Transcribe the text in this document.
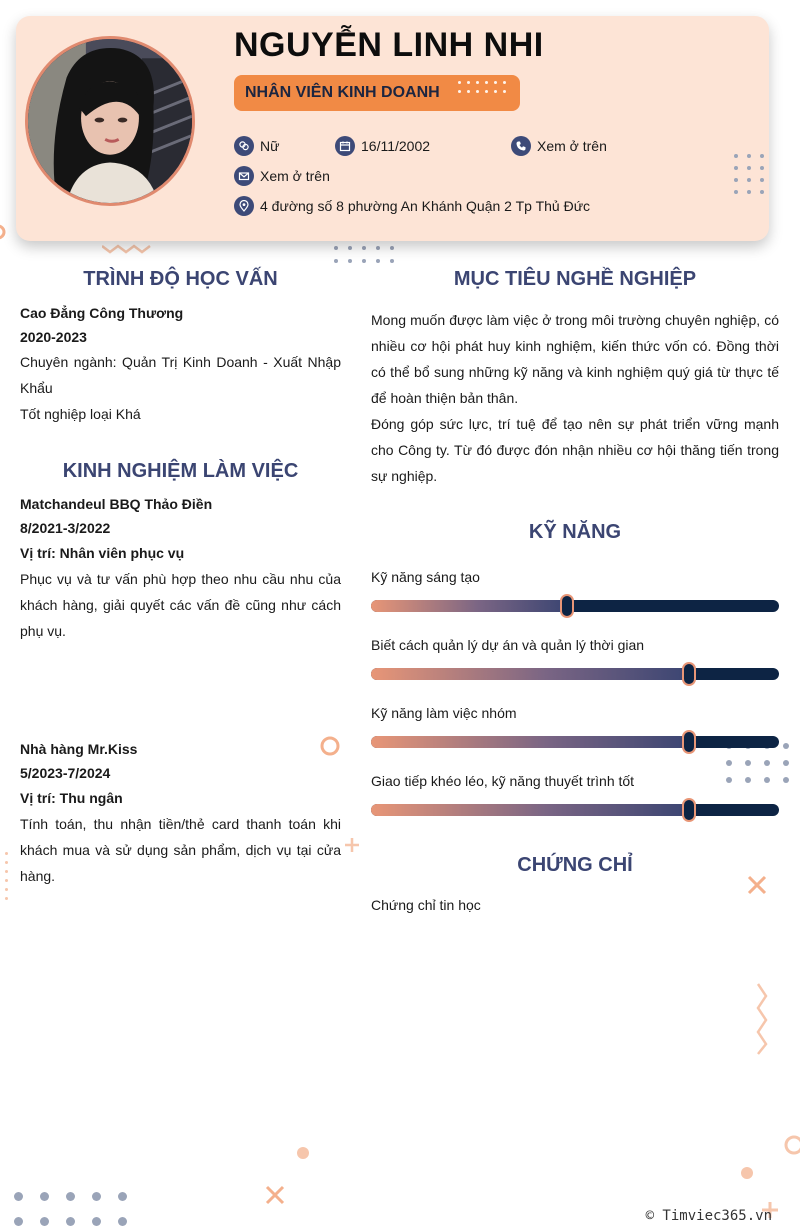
NGUYỄN LINH NHI
NHÂN VIÊN KINH DOANH
Nữ	16/11/2002	Xem ở trên
Xem ở trên
4 đường số 8 phường An Khánh Quận 2 Tp Thủ Đức
TRÌNH ĐỘ HỌC VẤN
Cao Đẳng Công Thương
2020-2023
Chuyên ngành: Quản Trị Kinh Doanh - Xuất Nhập Khẩu
Tốt nghiệp loại Khá
KINH NGHIỆM LÀM VIỆC
Matchandeul BBQ Thảo Điền
8/2021-3/2022
Vị trí: Nhân viên phục vụ
Phục vụ và tư vấn phù hợp theo nhu cầu nhu của khách hàng, giải quyết các vấn đề cũng như cách phụ vụ.
Nhà hàng Mr.Kiss
5/2023-7/2024
Vị trí: Thu ngân
Tính toán, thu nhận tiền/thẻ card thanh toán khi khách mua và sử dụng sản phẩm, dịch vụ tại cửa hàng.
MỤC TIÊU NGHỀ NGHIỆP
Mong muốn được làm việc ở trong môi trường chuyên nghiệp, có nhiều cơ hội phát huy kinh nghiệm, kiến thức vốn có. Đồng thời có thể bổ sung những kỹ năng và kinh nghiệm quý giá từ thực tế để hoàn thiện bản thân.
Đóng góp sức lực, trí tuệ để tạo nên sự phát triển vững mạnh cho Công ty. Từ đó được đón nhận nhiều cơ hội thăng tiến trong sự nghiệp.
KỸ NĂNG
Kỹ năng sáng tạo
Biết cách quản lý dự án và quản lý thời gian
Kỹ năng làm việc nhóm
Giao tiếp khéo léo, kỹ năng thuyết trình tốt
CHỨNG CHỈ
Chứng chỉ tin học
© Timviec365.vn
